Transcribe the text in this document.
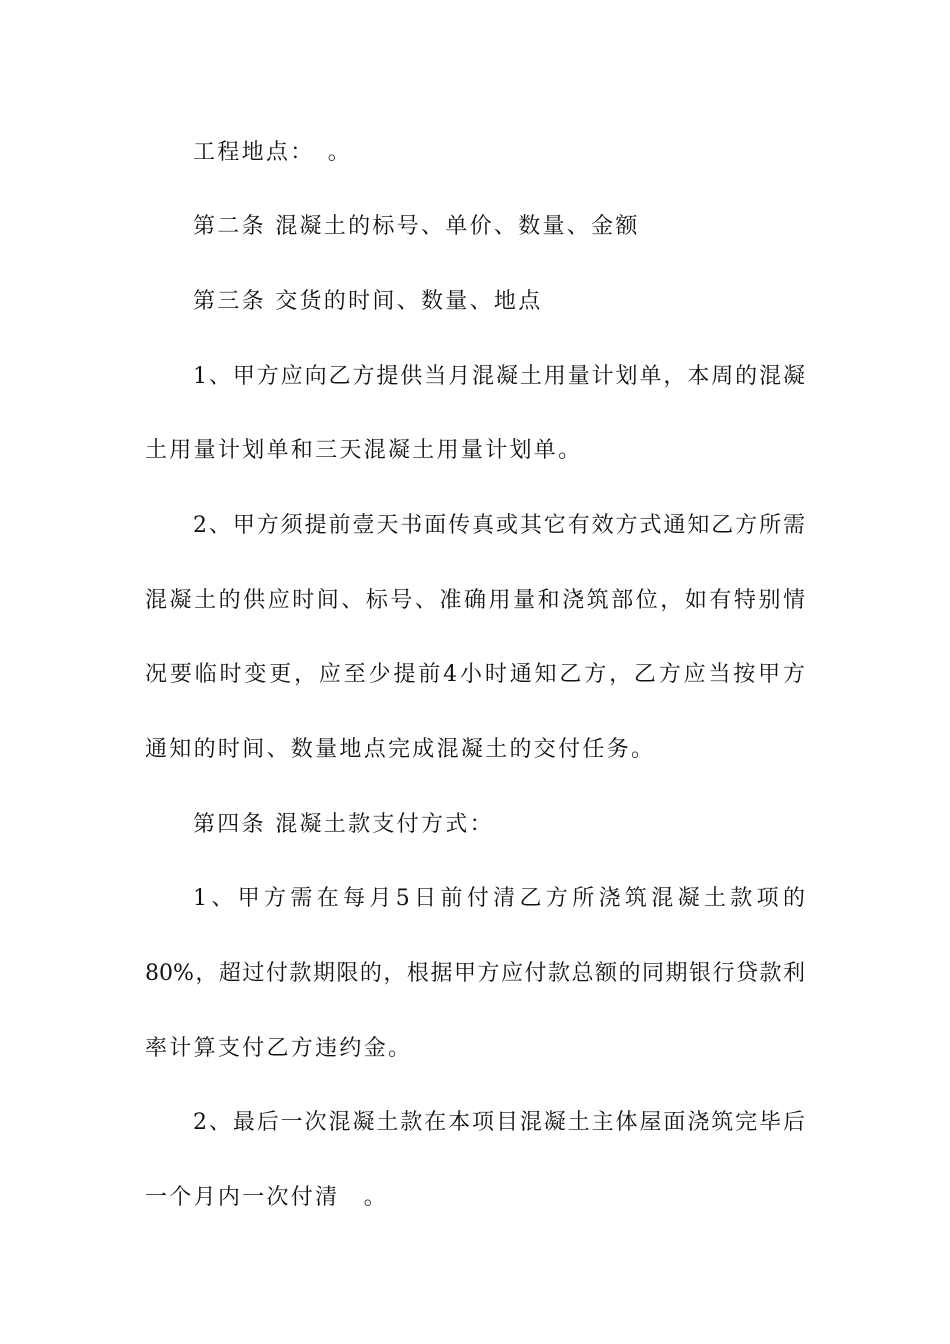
工程地点：　。
第二条 混凝土的标号、单价、数量、金额
第三条 交货的时间、数量、地点
1、甲方应向乙方提供当月混凝土用量计划单，本周的混凝
土用量计划单和三天混凝土用量计划单。
2、甲方须提前壹天书面传真或其它有效方式通知乙方所需
混凝土的供应时间、标号、准确用量和浇筑部位，如有特别情
况要临时变更，应至少提前4小时通知乙方，乙方应当按甲方
通知的时间、数量地点完成混凝土的交付任务。
第四条 混凝土款支付方式：
1、甲方需在每月5日前付清乙方所浇筑混凝土款项的
80%，超过付款期限的，根据甲方应付款总额的同期银行贷款利
率计算支付乙方违约金。
2、最后一次混凝土款在本项目混凝土主体屋面浇筑完毕后
一个月内一次付清　。
